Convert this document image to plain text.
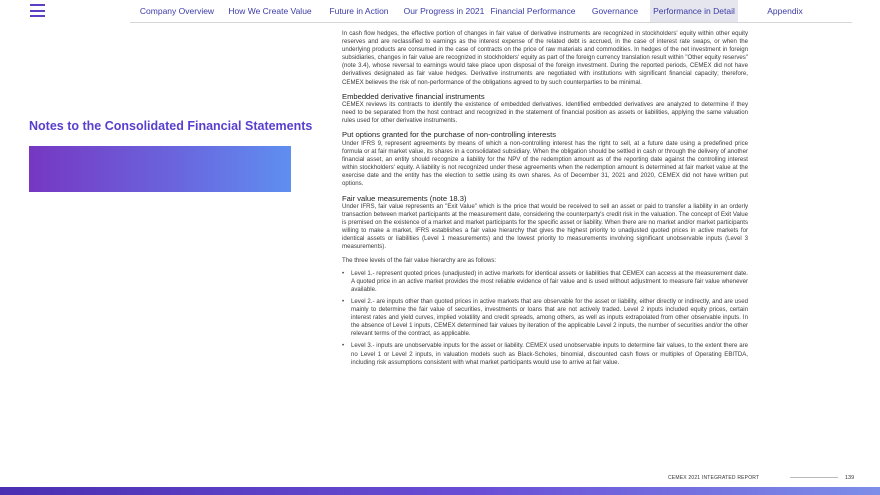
Company Overview	How We Create Value	Future in Action	Our Progress in 2021 Financial Performance	Governance	Performance in Detail	Appendix
Notes to the Consolidated Financial Statements

In cash flow hedges, the effective portion of changes in fair value of derivative instruments are recognized in stockholders' equity within other equity reserves and are reclassified to earnings as the interest expense of the related debt is accrued, in the case of interest rate swaps, or when the underlying products are consumed in the case of contracts on the price of raw materials and commodities. In hedges of the net investment in foreign subsidiaries, changes in fair value are recognized in stockholders' equity as part of the foreign currency translation result within "Other equity reserves" (note 3.4), whose reversal to earnings would take place upon disposal of the foreign investment. During the reported periods, CEMEX did not have derivatives designated as fair value hedges. Derivative instruments are negotiated with institutions with significant financial capacity; therefore, CEMEX believes the risk of non-performance of the obligations agreed to by such counterparties to be minimal.

Embedded derivative financial instruments

CEMEX reviews its contracts to identify the existence of embedded derivatives. Identified embedded derivatives are analyzed to determine if they need to be separated from the host contract and recognized in the statement of financial position as assets or liabilities, applying the same valuation rules used for other derivative instruments.

Put options granted for the purchase of non-controlling interests

Under IFRS 9, represent agreements by means of which a non-controlling interest has the right to sell, at a future date using a predefined price formula or at fair market value, its shares in a consolidated subsidiary. When the obligation should be settled in cash or through the delivery of another financial asset, an entity should recognize a liability for the NPV of the redemption amount as of the reporting date against the controlling interest within stockholders' equity. A liability is not recognized under these agreements when the redemption amount is determined at fair market value at the exercise date and the entity has the election to settle using its own shares. As of December 31, 2021 and 2020, CEMEX did not have written put options.

Fair value measurements (note 18.3)

Under IFRS, fair value represents an "Exit Value" which is the price that would be received to sell an asset or paid to transfer a liability in an orderly transaction between market participants at the measurement date, considering the counterparty's credit risk in the valuation. The concept of Exit Value is premised on the existence of a market and market participants for the specific asset or liability. When there are no market and/or market participants willing to make a market, IFRS establishes a fair value hierarchy that gives the highest priority to unadjusted quoted prices in active markets for identical assets or liabilities (Level 1 measurements) and the lowest priority to measurements involving significant unobservable inputs (Level 3 measurements).

The three levels of the fair value hierarchy are as follows:

• Level 1.- represent quoted prices (unadjusted) in active markets for identical assets or liabilities that CEMEX can access at the measurement date. A quoted price in an active market provides the most reliable evidence of fair value and is used without adjustment to measure fair value whenever available.
• Level 2.- are inputs other than quoted prices in active markets that are observable for the asset or liability, either directly or indirectly, and are used mainly to determine the fair value of securities, investments or loans that are not actively traded. Level 2 inputs included equity prices, certain interest rates and yield curves, implied volatility and credit spreads, among others, as well as inputs extrapolated from other observable inputs. In the absence of Level 1 inputs, CEMEX determined fair values by iteration of the applicable Level 2 inputs, the number of securities and/or the other relevant terms of the contract, as applicable.
• Level 3.- inputs are unobservable inputs for the asset or liability. CEMEX used unobservable inputs to determine fair values, to the extent there are no Level 1 or Level 2 inputs, in valuation models such as Black-Scholes, binomial, discounted cash flows or multiples of Operating EBITDA, including risk assumptions consistent with what market participants would use to arrive at fair value.
CEMEX 2021 INTEGRATED REPORT	139
